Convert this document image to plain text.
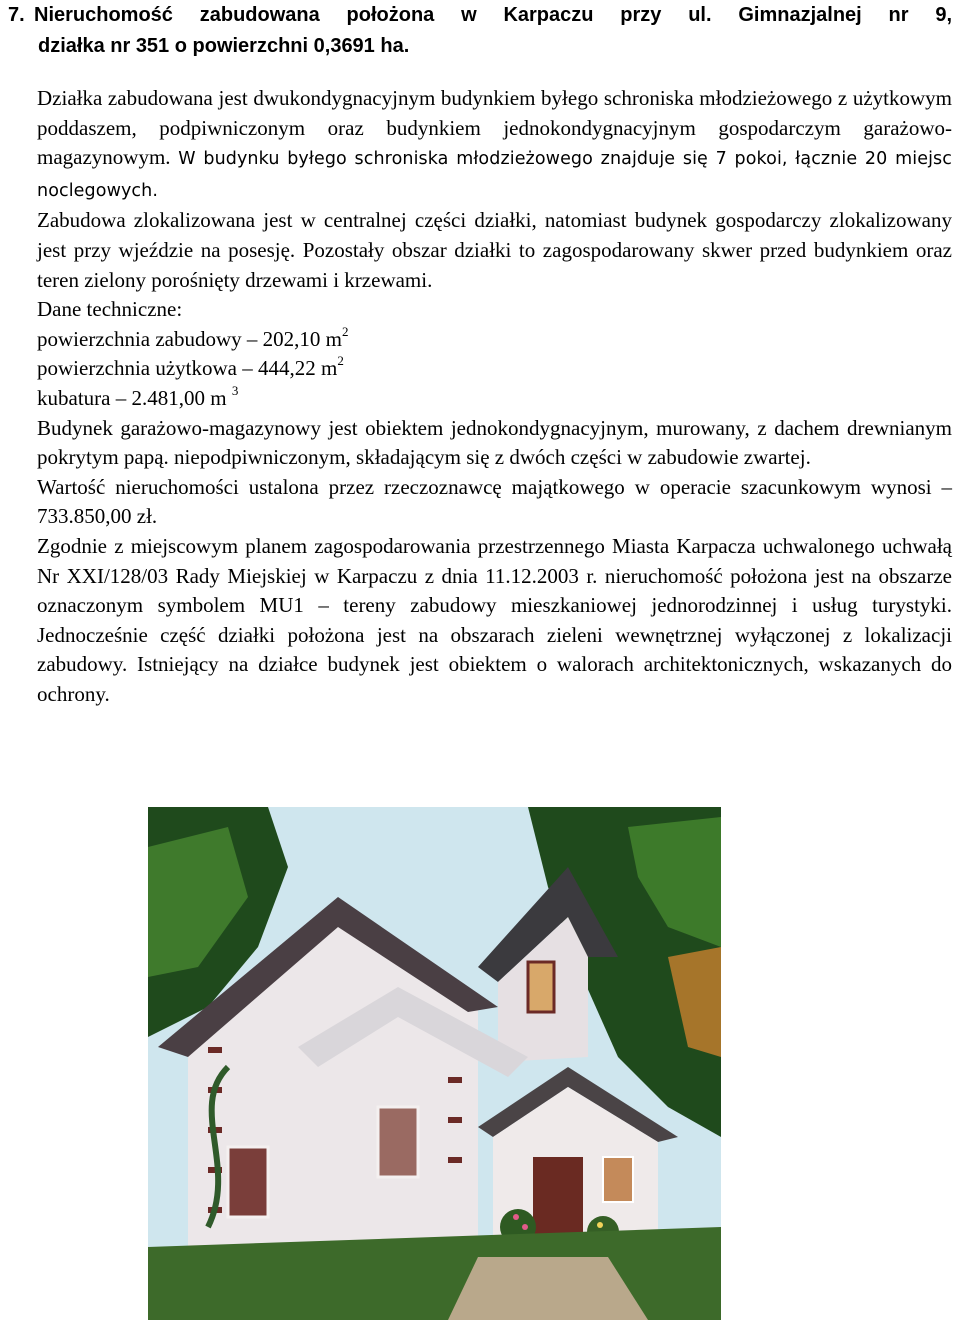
7. Nieruchomość zabudowana położona w Karpaczu przy ul. Gimnazjalnej nr 9,
działka nr 351 o powierzchni 0,3691 ha.

Działka zabudowana jest dwukondygnacyjnym budynkiem byłego schroniska młodzieżowego z użytkowym poddaszem, podpiwniczonym oraz budynkiem jednokondygnacyjnym gospodarczym garażowo-magazynowym. W budynku byłego schroniska młodzieżowego znajduje się 7 pokoi, łącznie 20 miejsc noclegowych.

Zabudowa zlokalizowana jest w centralnej części działki, natomiast budynek gospodarczy zlokalizowany jest przy wjeździe na posesję. Pozostały obszar działki to zagospodarowany skwer przed budynkiem oraz teren zielony porośnięty drzewami i krzewami.

Dane techniczne:

powierzchnia zabudowy – 202,10 $m^2$

powierzchnia użytkowa – 444,22 $m^2$

kubatura – 2.481,00 m $^3$

Budynek garażowo-magazynowy jest obiektem jednokondygnacyjnym, murowany, z dachem drewnianym pokrytym papą. niepodpiwniczonym, składającym się z dwóch części w zabudowie zwartej.

Wartość nieruchomości ustalona przez rzeczoznawcę majątkowego w operacie szacunkowym wynosi – 733.850,00 zł.

Zgodnie z miejscowym planem zagospodarowania przestrzennego Miasta Karpacza uchwalonego uchwałą Nr XXI/128/03 Rady Miejskiej w Karpaczu z dnia 11.12.2003 r. nieruchomość położona jest na obszarze oznaczonym symbolem MU1 – tereny zabudowy mieszkaniowej jednorodzinnej i usług turystyki. Jednocześnie część działki położona jest na obszarach zieleni wewnętrznej wyłączonej z lokalizacji zabudowy. Istniejący na działce budynek jest obiektem o walorach architektonicznych, wskazanych do ochrony.
